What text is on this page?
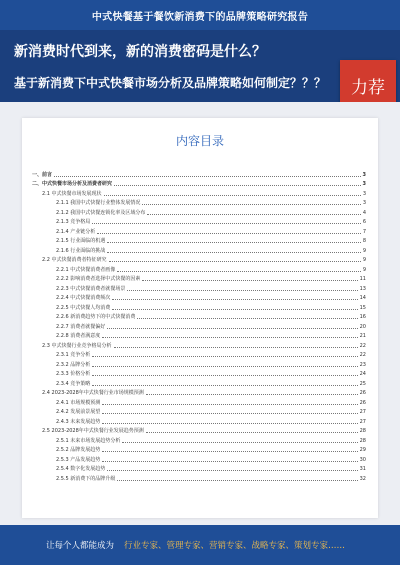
中式快餐基于餐饮新消费下的品牌策略研究报告
新消费时代到来，新的消费密码是什么？
基于新消费下中式快餐市场分析及品牌策略如何制定？？？	力荐
内容目录
一、前言	3
二、中式快餐市场分析及消费者研究	3
2.1 中式快餐市场发展现状	3
2.1.1 我国中式快餐行业整体发展情况	3
2.1.2 我国中式快餐连锁化率及区域分布	4
2.1.3 竞争格局	6
2.1.4 产业链分析	7
2.1.5 行业面临的机遇	8
2.1.6 行业面临的挑战	9
2.2 中式快餐消费者特征研究	9
2.2.1 中式快餐消费者画像	9
2.2.2 影响消费者选择中式快餐的因素	11
2.2.3 中式快餐消费者就餐场景	13
2.2.4 中式快餐消费频次	14
2.2.5 中式快餐人均消费	15
2.2.6 新消费趋势下的中式快餐消费	16
2.2.7 消费者就餐偏好	20
2.2.8 消费者满意度	21
2.3 中式快餐行业竞争格局分析	22
2.3.1 竞争分析	22
2.3.2 品牌分析	23
2.3.3 价格分析	24
2.3.4 竞争策略	25
2.4 2023-2028年中式快餐行业市场规模预测	26
2.4.1 市场规模预测	26
2.4.2 发展前景展望	27
2.4.3 未来发展趋势	27
2.5 2023-2028年中式快餐行业发展趋势预测	28
2.5.1 未来市场发展趋势分析	28
2.5.2 品牌发展趋势	29
2.5.3 产品发展趋势	30
2.5.4 数字化发展趋势	31
2.5.5 新消费下的品牌升级	32
让每个人都能成为 行业专家、管理专家、营销专家、战略专家、策划专家……
